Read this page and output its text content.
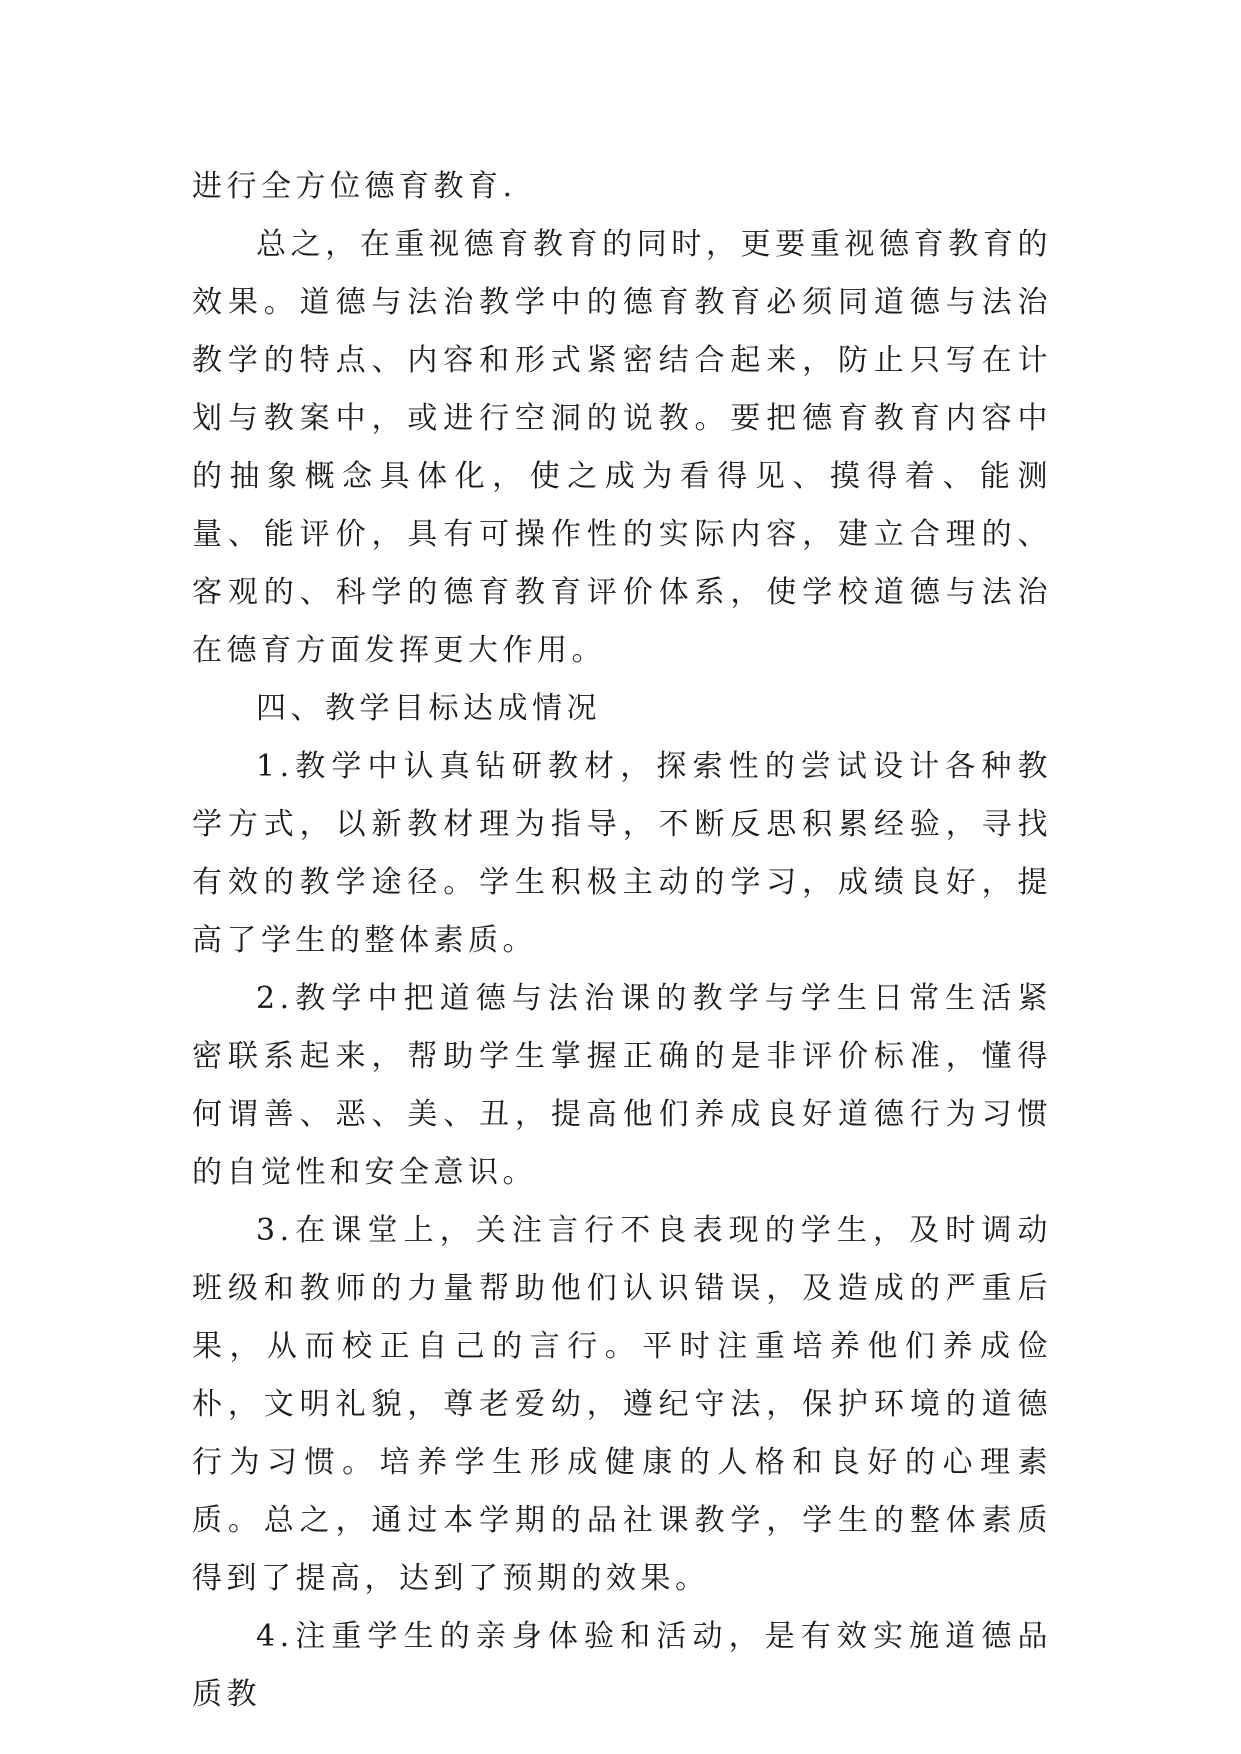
进行全方位德育教育.

总之，在重视德育教育的同时，更要重视德育教育的效果。道德与法治教学中的德育教育必须同道德与法治教学的特点、内容和形式紧密结合起来，防止只写在计划与教案中，或进行空洞的说教。要把德育教育内容中的抽象概念具体化，使之成为看得见、摸得着、能测量、能评价，具有可操作性的实际内容，建立合理的、客观的、科学的德育教育评价体系，使学校道德与法治在德育方面发挥更大作用。

四、教学目标达成情况

1.教学中认真钻研教材，探索性的尝试设计各种教学方式，以新教材理为指导，不断反思积累经验，寻找有效的教学途径。学生积极主动的学习，成绩良好，提高了学生的整体素质。

2.教学中把道德与法治课的教学与学生日常生活紧密联系起来，帮助学生掌握正确的是非评价标准，懂得何谓善、恶、美、丑，提高他们养成良好道德行为习惯的自觉性和安全意识。

3.在课堂上，关注言行不良表现的学生，及时调动班级和教师的力量帮助他们认识错误，及造成的严重后果，从而校正自己的言行。平时注重培养他们养成俭朴，文明礼貌，尊老爱幼，遵纪守法，保护环境的道德行为习惯。培养学生形成健康的人格和良好的心理素质。总之，通过本学期的品社课教学，学生的整体素质得到了提高，达到了预期的效果。

4.注重学生的亲身体验和活动，是有效实施道德品质教
